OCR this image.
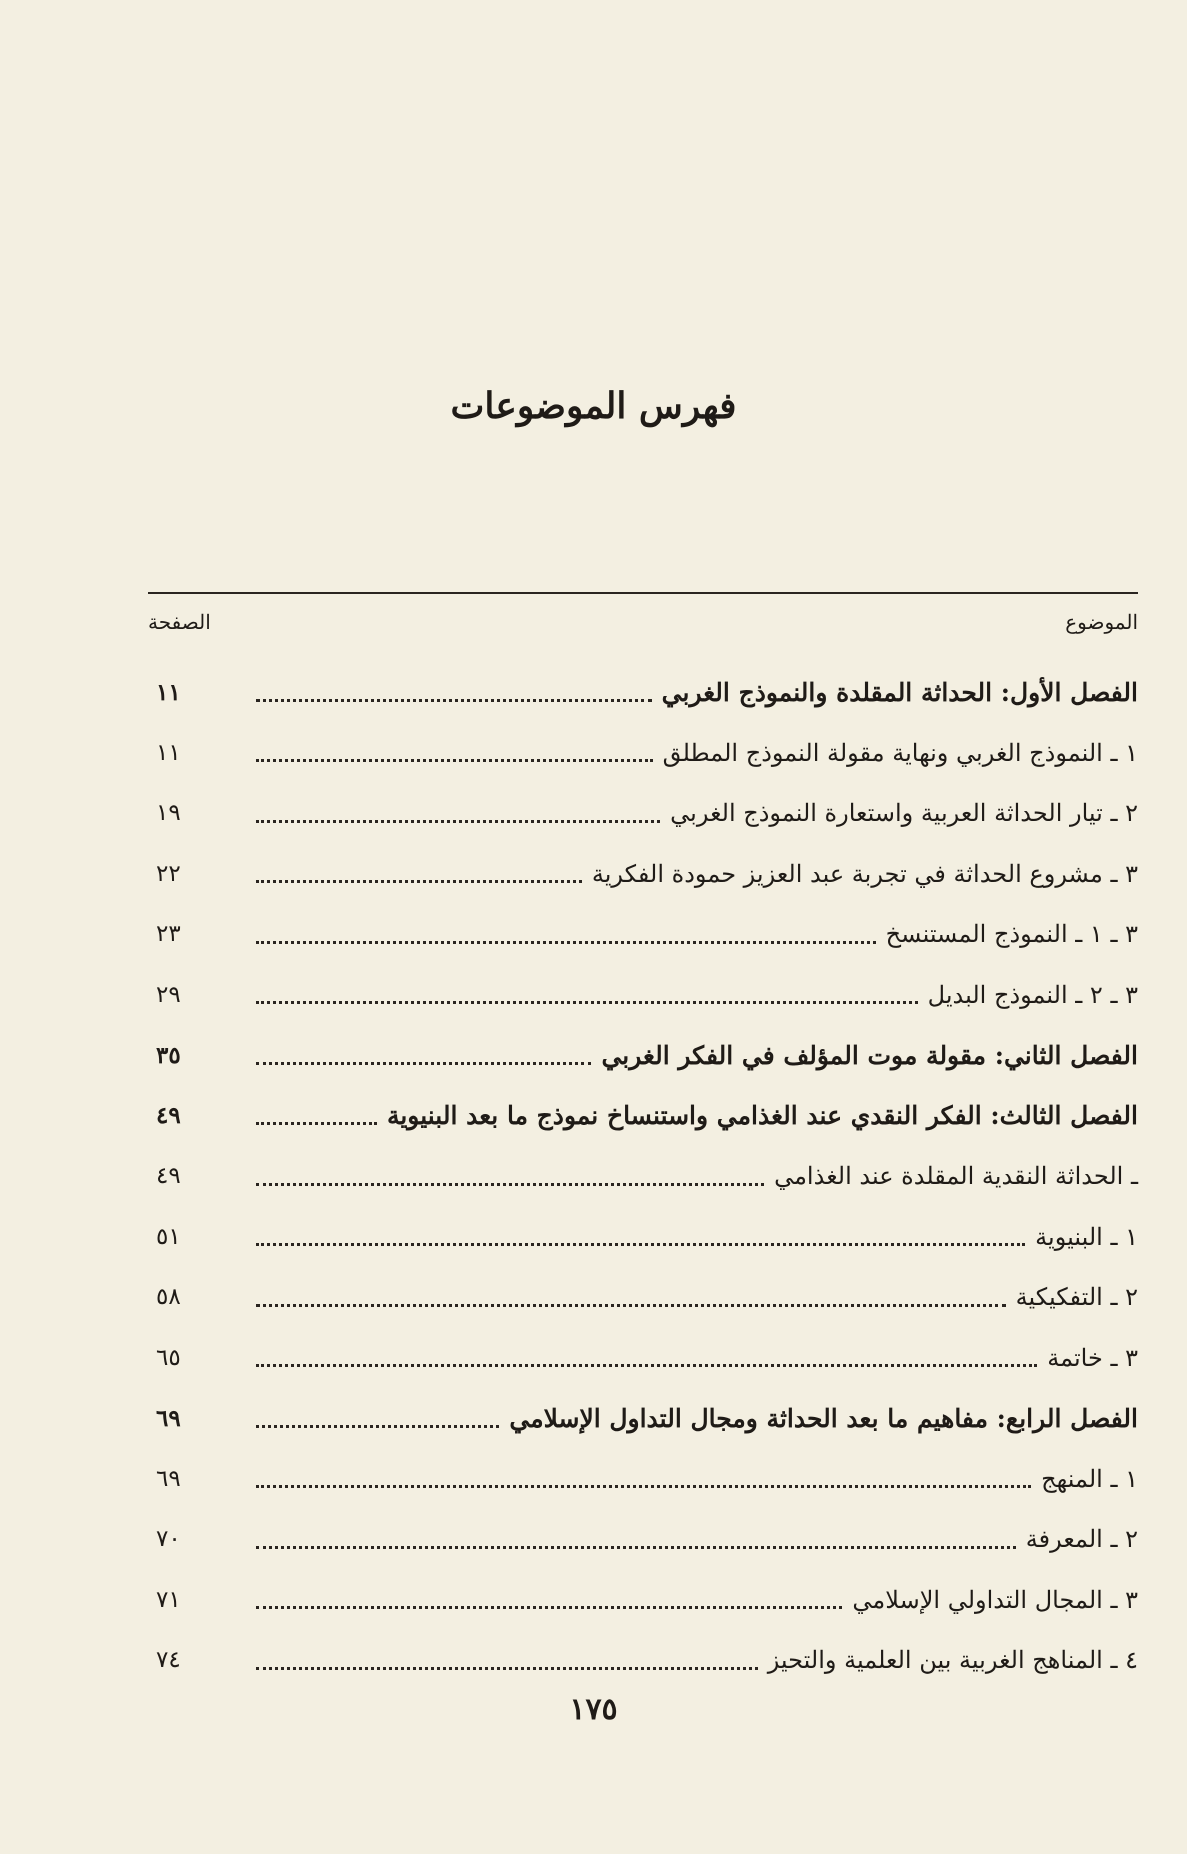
فهرس الموضوعات
الموضوع
الصفحة
الفصل الأول: الحداثة المقلدة والنموذج الغربي
١١
١ ـ النموذج الغربي ونهاية مقولة النموذج المطلق
١١
٢ ـ تيار الحداثة العربية واستعارة النموذج الغربي
١٩
٣ ـ مشروع الحداثة في تجربة عبد العزيز حمودة الفكرية
٢٢
٣ ـ ١ ـ النموذج المستنسخ
٢٣
٣ ـ ٢ ـ النموذج البديل
٢٩
الفصل الثاني: مقولة موت المؤلف في الفكر الغربي
٣٥
الفصل الثالث: الفكر النقدي عند الغذامي واستنساخ نموذج ما بعد البنيوية
٤٩
ـ الحداثة النقدية المقلدة عند الغذامي
٤٩
١ ـ البنيوية
٥١
٢ ـ التفكيكية
٥٨
٣ ـ خاتمة
٦٥
الفصل الرابع: مفاهيم ما بعد الحداثة ومجال التداول الإسلامي
٦٩
١ ـ المنهج
٦٩
٢ ـ المعرفة
٧٠
٣ ـ المجال التداولي الإسلامي
٧١
٤ ـ المناهج الغربية بين العلمية والتحيز
٧٤
١٧٥
